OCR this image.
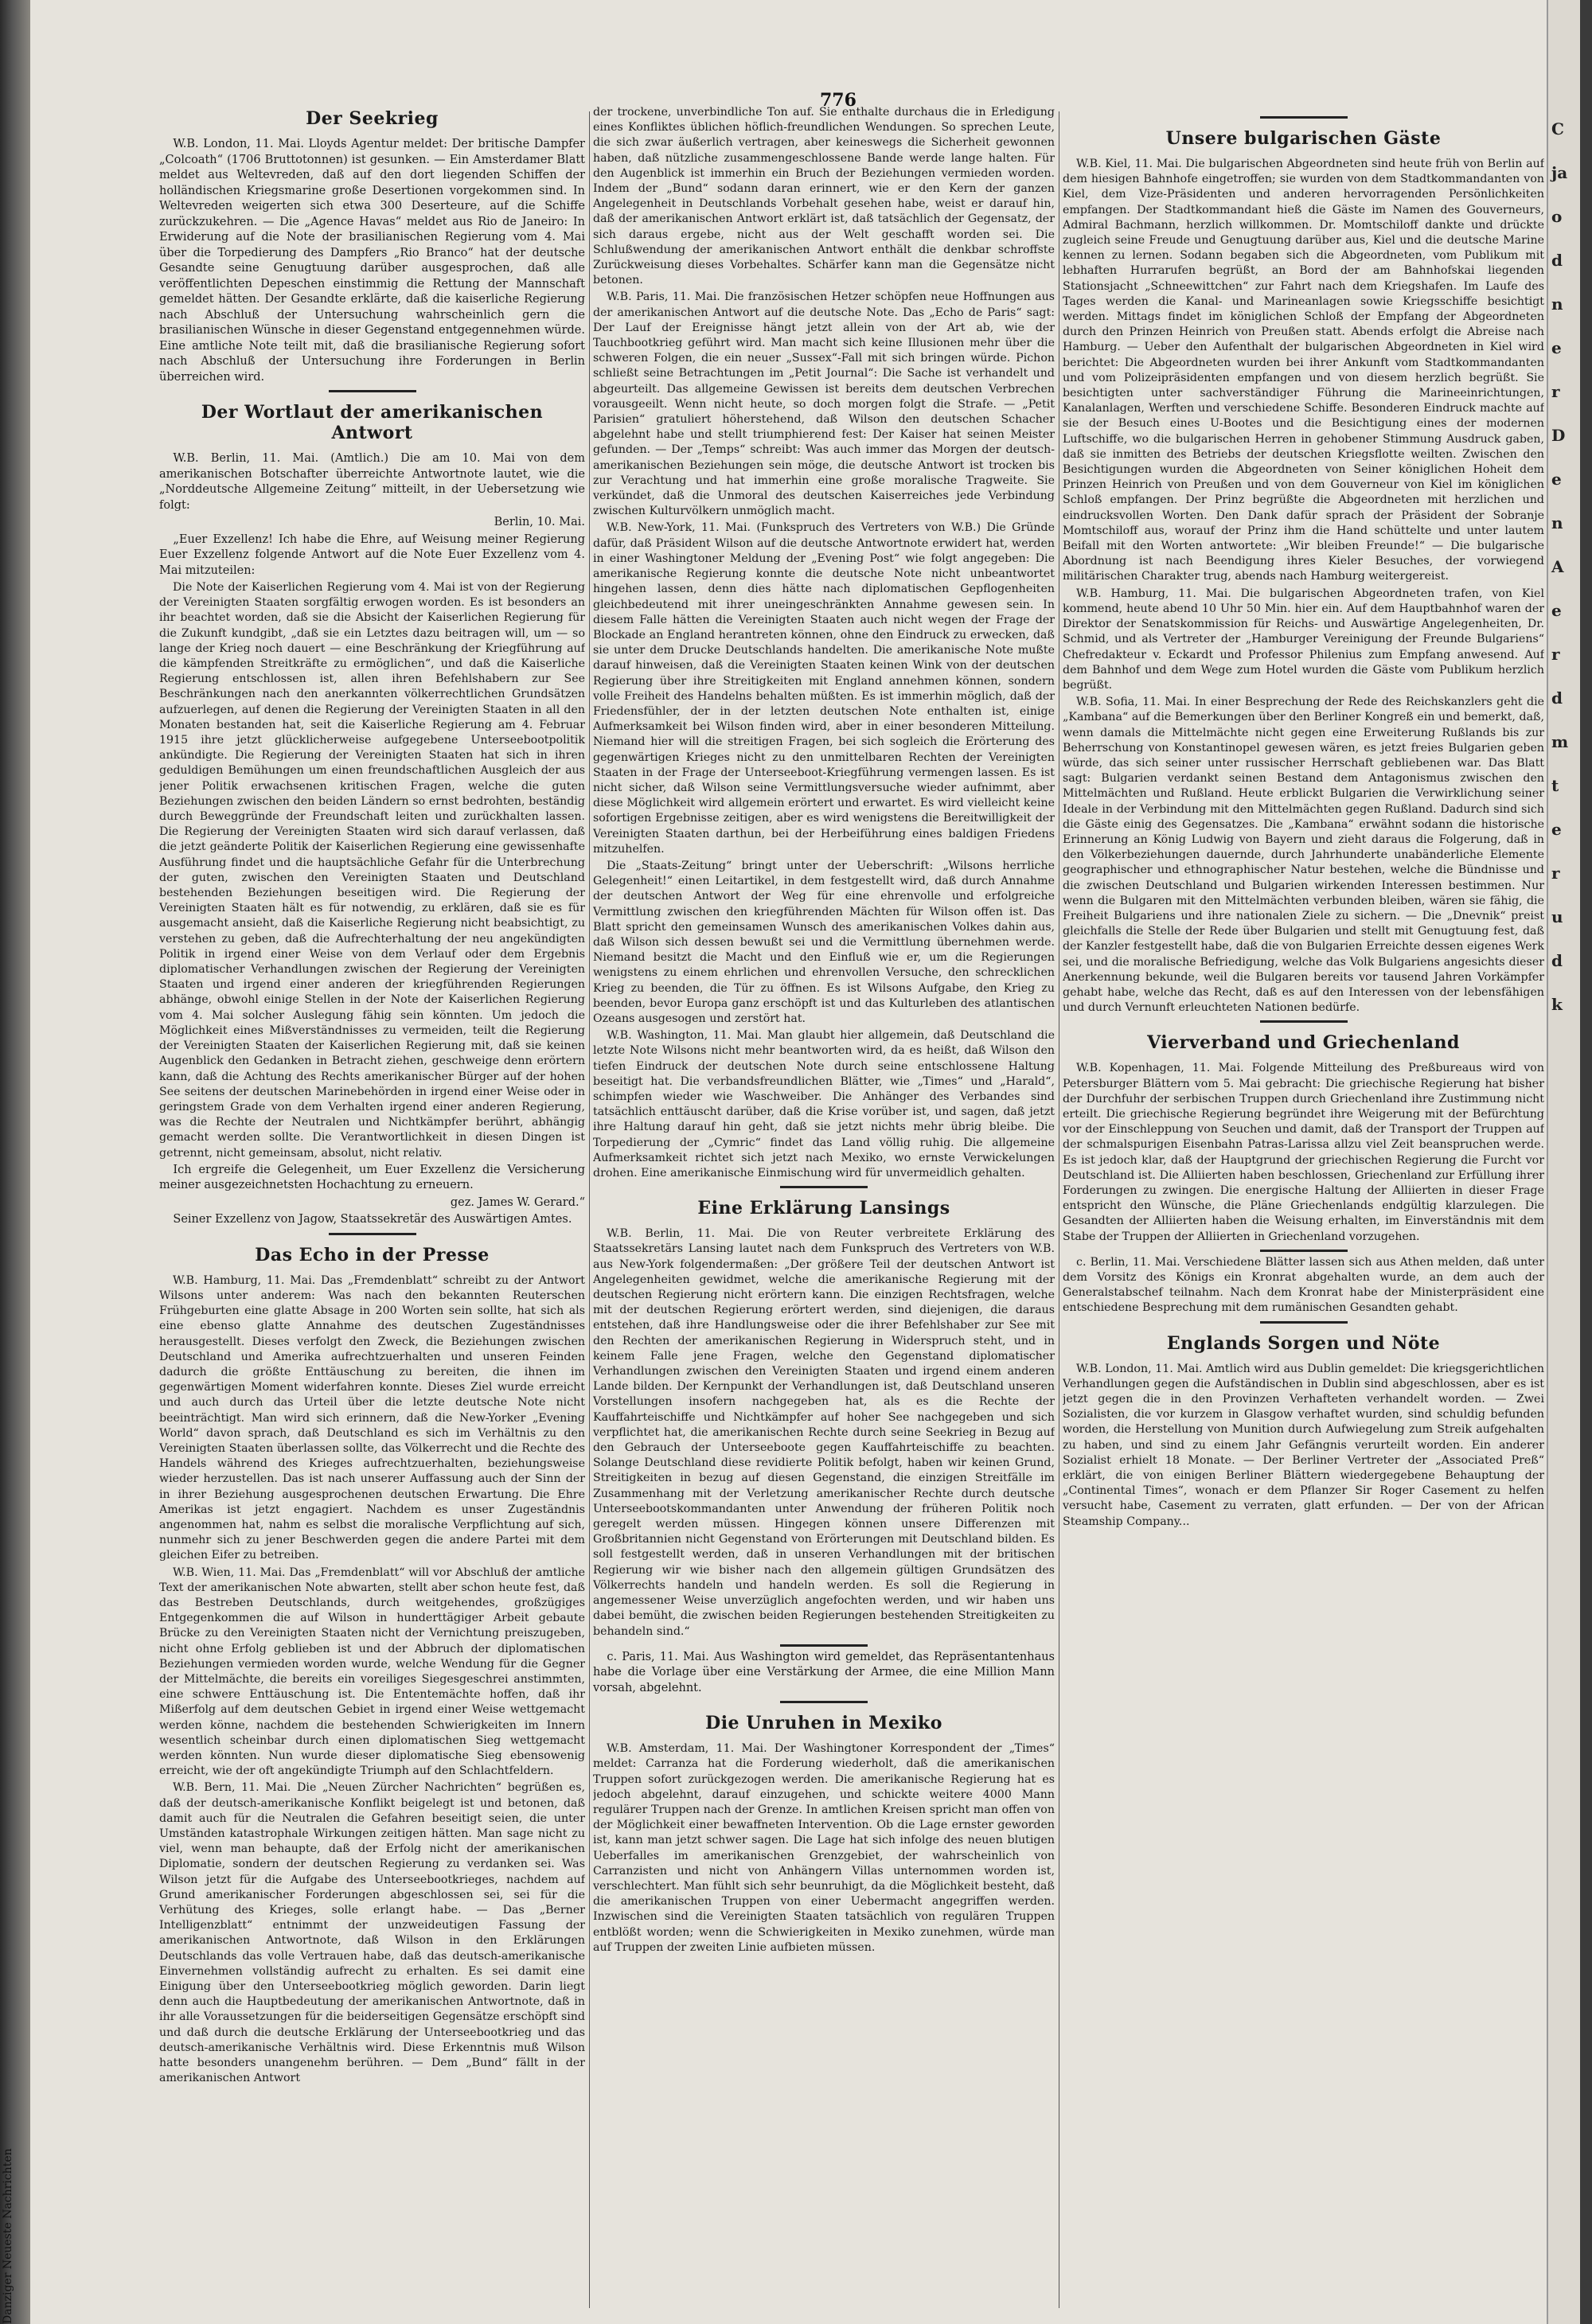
Danziger Neueste Nachrichten
776
Der Seekrieg

W.B. London, 11. Mai. Lloyds Agentur meldet: Der britische Dampfer „Colcoath“ (1706 Bruttotonnen) ist gesunken. — Ein Amsterdamer Blatt meldet aus Weltevreden, daß auf den dort liegenden Schiffen der holländischen Kriegsmarine große Desertionen vorgekommen sind. In Weltevreden weigerten sich etwa 300 Deserteure, auf die Schiffe zurückzukehren. — Die „Agence Havas“ meldet aus Rio de Janeiro: In Erwiderung auf die Note der brasilianischen Regierung vom 4. Mai über die Torpedierung des Dampfers „Rio Branco“ hat der deutsche Gesandte seine Genugtuung darüber ausgesprochen, daß alle veröffentlichten Depeschen einstimmig die Rettung der Mannschaft gemeldet hätten. Der Gesandte erklärte, daß die kaiserliche Regierung nach Abschluß der Untersuchung wahrscheinlich gern die brasilianischen Wünsche in dieser Gegenstand entgegennehmen würde. Eine amtliche Note teilt mit, daß die brasilianische Regierung sofort nach Abschluß der Untersuchung ihre Forderungen in Berlin überreichen wird.

Der Wortlaut der amerikanischen Antwort

W.B. Berlin, 11. Mai. (Amtlich.) Die am 10. Mai von dem amerikanischen Botschafter überreichte Antwortnote lautet, wie die „Norddeutsche Allgemeine Zeitung“ mitteilt, in der Uebersetzung wie folgt:

Berlin, 10. Mai.

„Euer Exzellenz! Ich habe die Ehre, auf Weisung meiner Regierung Euer Exzellenz folgende Antwort auf die Note Euer Exzellenz vom 4. Mai mitzuteilen:

Die Note der Kaiserlichen Regierung vom 4. Mai ist von der Regierung der Vereinigten Staaten sorgfältig erwogen worden. Es ist besonders an ihr beachtet worden, daß sie die Absicht der Kaiserlichen Regierung für die Zukunft kundgibt, „daß sie ein Letztes dazu beitragen will, um — so lange der Krieg noch dauert — eine Beschränkung der Kriegführung auf die kämpfenden Streitkräfte zu ermöglichen“, und daß die Kaiserliche Regierung entschlossen ist, allen ihren Befehlshabern zur See Beschränkungen nach den anerkannten völkerrechtlichen Grundsätzen aufzuerlegen, auf denen die Regierung der Vereinigten Staaten in all den Monaten bestanden hat, seit die Kaiserliche Regierung am 4. Februar 1915 ihre jetzt glücklicherweise aufgegebene Unterseebootpolitik ankündigte. Die Regierung der Vereinigten Staaten hat sich in ihren geduldigen Bemühungen um einen freundschaftlichen Ausgleich der aus jener Politik erwachsenen kritischen Fragen, welche die guten Beziehungen zwischen den beiden Ländern so ernst bedrohten, beständig durch Beweggründe der Freundschaft leiten und zurückhalten lassen. Die Regierung der Vereinigten Staaten wird sich darauf verlassen, daß die jetzt geänderte Politik der Kaiserlichen Regierung eine gewissenhafte Ausführung findet und die hauptsächliche Gefahr für die Unterbrechung der guten, zwischen den Vereinigten Staaten und Deutschland bestehenden Beziehungen beseitigen wird. Die Regierung der Vereinigten Staaten hält es für notwendig, zu erklären, daß sie es für ausgemacht ansieht, daß die Kaiserliche Regierung nicht beabsichtigt, zu verstehen zu geben, daß die Aufrechterhaltung der neu angekündigten Politik in irgend einer Weise von dem Verlauf oder dem Ergebnis diplomatischer Verhandlungen zwischen der Regierung der Vereinigten Staaten und irgend einer anderen der kriegführenden Regierungen abhänge, obwohl einige Stellen in der Note der Kaiserlichen Regierung vom 4. Mai solcher Auslegung fähig sein könnten. Um jedoch die Möglichkeit eines Mißverständnisses zu vermeiden, teilt die Regierung der Vereinigten Staaten der Kaiserlichen Regierung mit, daß sie keinen Augenblick den Gedanken in Betracht ziehen, geschweige denn erörtern kann, daß die Achtung des Rechts amerikanischer Bürger auf der hohen See seitens der deutschen Marinebehörden in irgend einer Weise oder in geringstem Grade von dem Verhalten irgend einer anderen Regierung, was die Rechte der Neutralen und Nichtkämpfer berührt, abhängig gemacht werden sollte. Die Verantwortlichkeit in diesen Dingen ist getrennt, nicht gemeinsam, absolut, nicht relativ.

Ich ergreife die Gelegenheit, um Euer Exzellenz die Versicherung meiner ausgezeichnetsten Hochachtung zu erneuern.

gez. James W. Gerard.“

Seiner Exzellenz von Jagow, Staatssekretär des Auswärtigen Amtes.

Das Echo in der Presse

W.B. Hamburg, 11. Mai. Das „Fremdenblatt“ schreibt zu der Antwort Wilsons unter anderem: Was nach den bekannten Reuterschen Frühgeburten eine glatte Absage in 200 Worten sein sollte, hat sich als eine ebenso glatte Annahme des deutschen Zugeständnisses herausgestellt. Dieses verfolgt den Zweck, die Beziehungen zwischen Deutschland und Amerika aufrechtzuerhalten und unseren Feinden dadurch die größte Enttäuschung zu bereiten, die ihnen im gegenwärtigen Moment widerfahren konnte. Dieses Ziel wurde erreicht und auch durch das Urteil über die letzte deutsche Note nicht beeinträchtigt. Man wird sich erinnern, daß die New-Yorker „Evening World“ davon sprach, daß Deutschland es sich im Verhältnis zu den Vereinigten Staaten überlassen sollte, das Völkerrecht und die Rechte des Handels während des Krieges aufrechtzuerhalten, beziehungsweise wieder herzustellen. Das ist nach unserer Auffassung auch der Sinn der in ihrer Beziehung ausgesprochenen deutschen Erwartung. Die Ehre Amerikas ist jetzt engagiert. Nachdem es unser Zugeständnis angenommen hat, nahm es selbst die moralische Verpflichtung auf sich, nunmehr sich zu jener Beschwerden gegen die andere Partei mit dem gleichen Eifer zu betreiben.

W.B. Wien, 11. Mai. Das „Fremdenblatt“ will vor Abschluß der amtliche Text der amerikanischen Note abwarten, stellt aber schon heute fest, daß das Bestreben Deutschlands, durch weitgehendes, großzügiges Entgegenkommen die auf Wilson in hunderttägiger Arbeit gebaute Brücke zu den Vereinigten Staaten nicht der Vernichtung preiszugeben, nicht ohne Erfolg geblieben ist und der Abbruch der diplomatischen Beziehungen vermieden worden wurde, welche Wendung für die Gegner der Mittelmächte, die bereits ein voreiliges Siegesgeschrei anstimmten, eine schwere Enttäuschung ist. Die Ententemächte hoffen, daß ihr Mißerfolg auf dem deutschen Gebiet in irgend einer Weise wettgemacht werden könne, nachdem die bestehenden Schwierigkeiten im Innern wesentlich scheinbar durch einen diplomatischen Sieg wettgemacht werden könnten. Nun wurde dieser diplomatische Sieg ebensowenig erreicht, wie der oft angekündigte Triumph auf den Schlachtfeldern.

W.B. Bern, 11. Mai. Die „Neuen Zürcher Nachrichten“ begrüßen es, daß der deutsch-amerikanische Konflikt beigelegt ist und betonen, daß damit auch für die Neutralen die Gefahren beseitigt seien, die unter Umständen katastrophale Wirkungen zeitigen hätten. Man sage nicht zu viel, wenn man behaupte, daß der Erfolg nicht der amerikanischen Diplomatie, sondern der deutschen Regierung zu verdanken sei. Was Wilson jetzt für die Aufgabe des Unterseebootkrieges, nachdem auf Grund amerikanischer Forderungen abgeschlossen sei, sei für die Verhütung des Krieges, solle erlangt habe. — Das „Berner Intelligenzblatt“ entnimmt der unzweideutigen Fassung der amerikanischen Antwortnote, daß Wilson in den Erklärungen Deutschlands das volle Vertrauen habe, daß das deutsch-amerikanische Einvernehmen vollständig aufrecht zu erhalten. Es sei damit eine Einigung über den Unterseebootkrieg möglich geworden. Darin liegt denn auch die Hauptbedeutung der amerikanischen Antwortnote, daß in ihr alle Voraussetzungen für die beiderseitigen Gegensätze erschöpft sind und daß durch die deutsche Erklärung der Unterseebootkrieg und das deutsch-amerikanische Verhältnis wird. Diese Erkenntnis muß Wilson hatte besonders unangenehm berühren. — Dem „Bund“ fällt in der amerikanischen Antwort

der trockene, unverbindliche Ton auf. Sie enthalte durchaus die in Erledigung eines Konfliktes üblichen höflich-freundlichen Wendungen. So sprechen Leute, die sich zwar äußerlich vertragen, aber keineswegs die Sicherheit gewonnen haben, daß nützliche zusammengeschlossene Bande werde lange halten. Für den Augenblick ist immerhin ein Bruch der Beziehungen vermieden worden. Indem der „Bund“ sodann daran erinnert, wie er den Kern der ganzen Angelegenheit in Deutschlands Vorbehalt gesehen habe, weist er darauf hin, daß der amerikanischen Antwort erklärt ist, daß tatsächlich der Gegensatz, der sich daraus ergebe, nicht aus der Welt geschafft worden sei. Die Schlußwendung der amerikanischen Antwort enthält die denkbar schroffste Zurückweisung dieses Vorbehaltes. Schärfer kann man die Gegensätze nicht betonen.

W.B. Paris, 11. Mai. Die französischen Hetzer schöpfen neue Hoffnungen aus der amerikanischen Antwort auf die deutsche Note. Das „Echo de Paris“ sagt: Der Lauf der Ereignisse hängt jetzt allein von der Art ab, wie der Tauchbootkrieg geführt wird. Man macht sich keine Illusionen mehr über die schweren Folgen, die ein neuer „Sussex“-Fall mit sich bringen würde. Pichon schließt seine Betrachtungen im „Petit Journal“: Die Sache ist verhandelt und abgeurteilt. Das allgemeine Gewissen ist bereits dem deutschen Verbrechen vorausgeeilt. Wenn nicht heute, so doch morgen folgt die Strafe. — „Petit Parisien“ gratuliert höherstehend, daß Wilson den deutschen Schacher abgelehnt habe und stellt triumphierend fest: Der Kaiser hat seinen Meister gefunden. — Der „Temps“ schreibt: Was auch immer das Morgen der deutsch-amerikanischen Beziehungen sein möge, die deutsche Antwort ist trocken bis zur Verachtung und hat immerhin eine große moralische Tragweite. Sie verkündet, daß die Unmoral des deutschen Kaiserreiches jede Verbindung zwischen Kulturvölkern unmöglich macht.

W.B. New-York, 11. Mai. (Funkspruch des Vertreters von W.B.) Die Gründe dafür, daß Präsident Wilson auf die deutsche Antwortnote erwidert hat, werden in einer Washingtoner Meldung der „Evening Post“ wie folgt angegeben: Die amerikanische Regierung konnte die deutsche Note nicht unbeantwortet hingehen lassen, denn dies hätte nach diplomatischen Gepflogenheiten gleichbedeutend mit ihrer uneingeschränkten Annahme gewesen sein. In diesem Falle hätten die Vereinigten Staaten auch nicht wegen der Frage der Blockade an England herantreten können, ohne den Eindruck zu erwecken, daß sie unter dem Drucke Deutschlands handelten. Die amerikanische Note mußte darauf hinweisen, daß die Vereinigten Staaten keinen Wink von der deutschen Regierung über ihre Streitigkeiten mit England annehmen können, sondern volle Freiheit des Handelns behalten müßten. Es ist immerhin möglich, daß der Friedensfühler, der in der letzten deutschen Note enthalten ist, einige Aufmerksamkeit bei Wilson finden wird, aber in einer besonderen Mitteilung. Niemand hier will die streitigen Fragen, bei sich sogleich die Erörterung des gegenwärtigen Krieges nicht zu den unmittelbaren Rechten der Vereinigten Staaten in der Frage der Unterseeboot-Kriegführung vermengen lassen. Es ist nicht sicher, daß Wilson seine Vermittlungsversuche wieder aufnimmt, aber diese Möglichkeit wird allgemein erörtert und erwartet. Es wird vielleicht keine sofortigen Ergebnisse zeitigen, aber es wird wenigstens die Bereitwilligkeit der Vereinigten Staaten darthun, bei der Herbeiführung eines baldigen Friedens mitzuhelfen.

Die „Staats-Zeitung“ bringt unter der Ueberschrift: „Wilsons herrliche Gelegenheit!“ einen Leitartikel, in dem festgestellt wird, daß durch Annahme der deutschen Antwort der Weg für eine ehrenvolle und erfolgreiche Vermittlung zwischen den kriegführenden Mächten für Wilson offen ist. Das Blatt spricht den gemeinsamen Wunsch des amerikanischen Volkes dahin aus, daß Wilson sich dessen bewußt sei und die Vermittlung übernehmen werde. Niemand besitzt die Macht und den Einfluß wie er, um die Regierungen wenigstens zu einem ehrlichen und ehrenvollen Versuche, den schrecklichen Krieg zu beenden, die Tür zu öffnen. Es ist Wilsons Aufgabe, den Krieg zu beenden, bevor Europa ganz erschöpft ist und das Kulturleben des atlantischen Ozeans ausgesogen und zerstört hat.

W.B. Washington, 11. Mai. Man glaubt hier allgemein, daß Deutschland die letzte Note Wilsons nicht mehr beantworten wird, da es heißt, daß Wilson den tiefen Eindruck der deutschen Note durch seine entschlossene Haltung beseitigt hat. Die verbandsfreundlichen Blätter, wie „Times“ und „Harald“, schimpfen wieder wie Waschweiber. Die Anhänger des Verbandes sind tatsächlich enttäuscht darüber, daß die Krise vorüber ist, und sagen, daß jetzt ihre Haltung darauf hin geht, daß sie jetzt nichts mehr übrig bleibe. Die Torpedierung der „Cymric“ findet das Land völlig ruhig. Die allgemeine Aufmerksamkeit richtet sich jetzt nach Mexiko, wo ernste Verwickelungen drohen. Eine amerikanische Einmischung wird für unvermeidlich gehalten.

Eine Erklärung Lansings

W.B. Berlin, 11. Mai. Die von Reuter verbreitete Erklärung des Staatssekretärs Lansing lautet nach dem Funkspruch des Vertreters von W.B. aus New-York folgendermaßen: „Der größere Teil der deutschen Antwort ist Angelegenheiten gewidmet, welche die amerikanische Regierung mit der deutschen Regierung nicht erörtern kann. Die einzigen Rechtsfragen, welche mit der deutschen Regierung erörtert werden, sind diejenigen, die daraus entstehen, daß ihre Handlungsweise oder die ihrer Befehlshaber zur See mit den Rechten der amerikanischen Regierung in Widerspruch steht, und in keinem Falle jene Fragen, welche den Gegenstand diplomatischer Verhandlungen zwischen den Vereinigten Staaten und irgend einem anderen Lande bilden. Der Kernpunkt der Verhandlungen ist, daß Deutschland unseren Vorstellungen insofern nachgegeben hat, als es die Rechte der Kauffahrteischiffe und Nichtkämpfer auf hoher See nachgegeben und sich verpflichtet hat, die amerikanischen Rechte durch seine Seekrieg in Bezug auf den Gebrauch der Unterseeboote gegen Kauffahrteischiffe zu beachten. Solange Deutschland diese revidierte Politik befolgt, haben wir keinen Grund, Streitigkeiten in bezug auf diesen Gegenstand, die einzigen Streitfälle im Zusammenhang mit der Verletzung amerikanischer Rechte durch deutsche Unterseebootskommandanten unter Anwendung der früheren Politik noch geregelt werden müssen. Hingegen können unsere Differenzen mit Großbritannien nicht Gegenstand von Erörterungen mit Deutschland bilden. Es soll festgestellt werden, daß in unseren Verhandlungen mit der britischen Regierung wir wie bisher nach den allgemein gültigen Grundsätzen des Völkerrechts handeln und handeln werden. Es soll die Regierung in angemessener Weise unverzüglich angefochten werden, und wir haben uns dabei bemüht, die zwischen beiden Regierungen bestehenden Streitigkeiten zu behandeln sind.“

c. Paris, 11. Mai. Aus Washington wird gemeldet, das Repräsentantenhaus habe die Vorlage über eine Verstärkung der Armee, die eine Million Mann vorsah, abgelehnt.

Die Unruhen in Mexiko

W.B. Amsterdam, 11. Mai. Der Washingtoner Korrespondent der „Times“ meldet: Carranza hat die Forderung wiederholt, daß die amerikanischen Truppen sofort zurückgezogen werden. Die amerikanische Regierung hat es jedoch abgelehnt, darauf einzugehen, und schickte weitere 4000 Mann regulärer Truppen nach der Grenze. In amtlichen Kreisen spricht man offen von der Möglichkeit einer bewaffneten Intervention. Ob die Lage ernster geworden ist, kann man jetzt schwer sagen. Die Lage hat sich infolge des neuen blutigen Ueberfalles im amerikanischen Grenzgebiet, der wahrscheinlich von Carranzisten und nicht von Anhängern Villas unternommen worden ist, verschlechtert. Man fühlt sich sehr beunruhigt, da die Möglichkeit besteht, daß die amerikanischen Truppen von einer Uebermacht angegriffen werden. Inzwischen sind die Vereinigten Staaten tatsächlich von regulären Truppen entblößt worden; wenn die Schwierigkeiten in Mexiko zunehmen, würde man auf Truppen der zweiten Linie aufbieten müssen.

Unsere bulgarischen Gäste

W.B. Kiel, 11. Mai. Die bulgarischen Abgeordneten sind heute früh von Berlin auf dem hiesigen Bahnhofe eingetroffen; sie wurden von dem Stadtkommandanten von Kiel, dem Vize-Präsidenten und anderen hervorragenden Persönlichkeiten empfangen. Der Stadtkommandant hieß die Gäste im Namen des Gouverneurs, Admiral Bachmann, herzlich willkommen. Dr. Momtschiloff dankte und drückte zugleich seine Freude und Genugtuung darüber aus, Kiel und die deutsche Marine kennen zu lernen. Sodann begaben sich die Abgeordneten, vom Publikum mit lebhaften Hurrarufen begrüßt, an Bord der am Bahnhofskai liegenden Stationsjacht „Schneewittchen“ zur Fahrt nach dem Kriegshafen. Im Laufe des Tages werden die Kanal- und Marineanlagen sowie Kriegsschiffe besichtigt werden. Mittags findet im königlichen Schloß der Empfang der Abgeordneten durch den Prinzen Heinrich von Preußen statt. Abends erfolgt die Abreise nach Hamburg. — Ueber den Aufenthalt der bulgarischen Abgeordneten in Kiel wird berichtet: Die Abgeordneten wurden bei ihrer Ankunft vom Stadtkommandanten und vom Polizeipräsidenten empfangen und von diesem herzlich begrüßt. Sie besichtigten unter sachverständiger Führung die Marineeinrichtungen, Kanalanlagen, Werften und verschiedene Schiffe. Besonderen Eindruck machte auf sie der Besuch eines U-Bootes und die Besichtigung eines der modernen Luftschiffe, wo die bulgarischen Herren in gehobener Stimmung Ausdruck gaben, daß sie inmitten des Betriebs der deutschen Kriegsflotte weilten. Zwischen den Besichtigungen wurden die Abgeordneten von Seiner königlichen Hoheit dem Prinzen Heinrich von Preußen und von dem Gouverneur von Kiel im königlichen Schloß empfangen. Der Prinz begrüßte die Abgeordneten mit herzlichen und eindrucksvollen Worten. Den Dank dafür sprach der Präsident der Sobranje Momtschiloff aus, worauf der Prinz ihm die Hand schüttelte und unter lautem Beifall mit den Worten antwortete: „Wir bleiben Freunde!“ — Die bulgarische Abordnung ist nach Beendigung ihres Kieler Besuches, der vorwiegend militärischen Charakter trug, abends nach Hamburg weitergereist.

W.B. Hamburg, 11. Mai. Die bulgarischen Abgeordneten trafen, von Kiel kommend, heute abend 10 Uhr 50 Min. hier ein. Auf dem Hauptbahnhof waren der Direktor der Senatskommission für Reichs- und Auswärtige Angelegenheiten, Dr. Schmid, und als Vertreter der „Hamburger Vereinigung der Freunde Bulgariens“ Chefredakteur v. Eckardt und Professor Philenius zum Empfang anwesend. Auf dem Bahnhof und dem Wege zum Hotel wurden die Gäste vom Publikum herzlich begrüßt.

W.B. Sofia, 11. Mai. In einer Besprechung der Rede des Reichskanzlers geht die „Kambana“ auf die Bemerkungen über den Berliner Kongreß ein und bemerkt, daß, wenn damals die Mittelmächte nicht gegen eine Erweiterung Rußlands bis zur Beherrschung von Konstantinopel gewesen wären, es jetzt freies Bulgarien geben würde, das sich seiner unter russischer Herrschaft gebliebenen war. Das Blatt sagt: Bulgarien verdankt seinen Bestand dem Antagonismus zwischen den Mittelmächten und Rußland. Heute erblickt Bulgarien die Verwirklichung seiner Ideale in der Verbindung mit den Mittelmächten gegen Rußland. Dadurch sind sich die Gäste einig des Gegensatzes. Die „Kambana“ erwähnt sodann die historische Erinnerung an König Ludwig von Bayern und zieht daraus die Folgerung, daß in den Völkerbeziehungen dauernde, durch Jahrhunderte unabänderliche Elemente geographischer und ethnographischer Natur bestehen, welche die Bündnisse und die zwischen Deutschland und Bulgarien wirkenden Interessen bestimmen. Nur wenn die Bulgaren mit den Mittelmächten verbunden bleiben, wären sie fähig, die Freiheit Bulgariens und ihre nationalen Ziele zu sichern. — Die „Dnevnik“ preist gleichfalls die Stelle der Rede über Bulgarien und stellt mit Genugtuung fest, daß der Kanzler festgestellt habe, daß die von Bulgarien Erreichte dessen eigenes Werk sei, und die moralische Befriedigung, welche das Volk Bulgariens angesichts dieser Anerkennung bekunde, weil die Bulgaren bereits vor tausend Jahren Vorkämpfer gehabt habe, welche das Recht, daß es auf den Interessen von der lebensfähigen und durch Vernunft erleuchteten Nationen bedürfe.

Vierverband und Griechenland

W.B. Kopenhagen, 11. Mai. Folgende Mitteilung des Preßbureaus wird von Petersburger Blättern vom 5. Mai gebracht: Die griechische Regierung hat bisher der Durchfuhr der serbischen Truppen durch Griechenland ihre Zustimmung nicht erteilt. Die griechische Regierung begründet ihre Weigerung mit der Befürchtung vor der Einschleppung von Seuchen und damit, daß der Transport der Truppen auf der schmalspurigen Eisenbahn Patras-Larissa allzu viel Zeit beanspruchen werde. Es ist jedoch klar, daß der Hauptgrund der griechischen Regierung die Furcht vor Deutschland ist. Die Alliierten haben beschlossen, Griechenland zur Erfüllung ihrer Forderungen zu zwingen. Die energische Haltung der Alliierten in dieser Frage entspricht den Wünsche, die Pläne Griechenlands endgültig klarzulegen. Die Gesandten der Alliierten haben die Weisung erhalten, im Einverständnis mit dem Stabe der Truppen der Alliierten in Griechenland vorzugehen.

c. Berlin, 11. Mai. Verschiedene Blätter lassen sich aus Athen melden, daß unter dem Vorsitz des Königs ein Kronrat abgehalten wurde, an dem auch der Generalstabschef teilnahm. Nach dem Kronrat habe der Ministerpräsident eine entschiedene Besprechung mit dem rumänischen Gesandten gehabt.

Englands Sorgen und Nöte

W.B. London, 11. Mai. Amtlich wird aus Dublin gemeldet: Die kriegsgerichtlichen Verhandlungen gegen die Aufständischen in Dublin sind abgeschlossen, aber es ist jetzt gegen die in den Provinzen Verhafteten verhandelt worden. — Zwei Sozialisten, die vor kurzem in Glasgow verhaftet wurden, sind schuldig befunden worden, die Herstellung von Munition durch Aufwiegelung zum Streik aufgehalten zu haben, und sind zu einem Jahr Gefängnis verurteilt worden. Ein anderer Sozialist erhielt 18 Monate. — Der Berliner Vertreter der „Associated Preß“ erklärt, die von einigen Berliner Blättern wiedergegebene Behauptung der „Continental Times“, wonach er dem Pflanzer Sir Roger Casement zu helfen versucht habe, Casement zu verraten, glatt erfunden. — Der von der African Steamship Company...

C
ja
o
d
n
e
r
D
e
n
A
e
r
d
m
t
e
r
u
d
k
